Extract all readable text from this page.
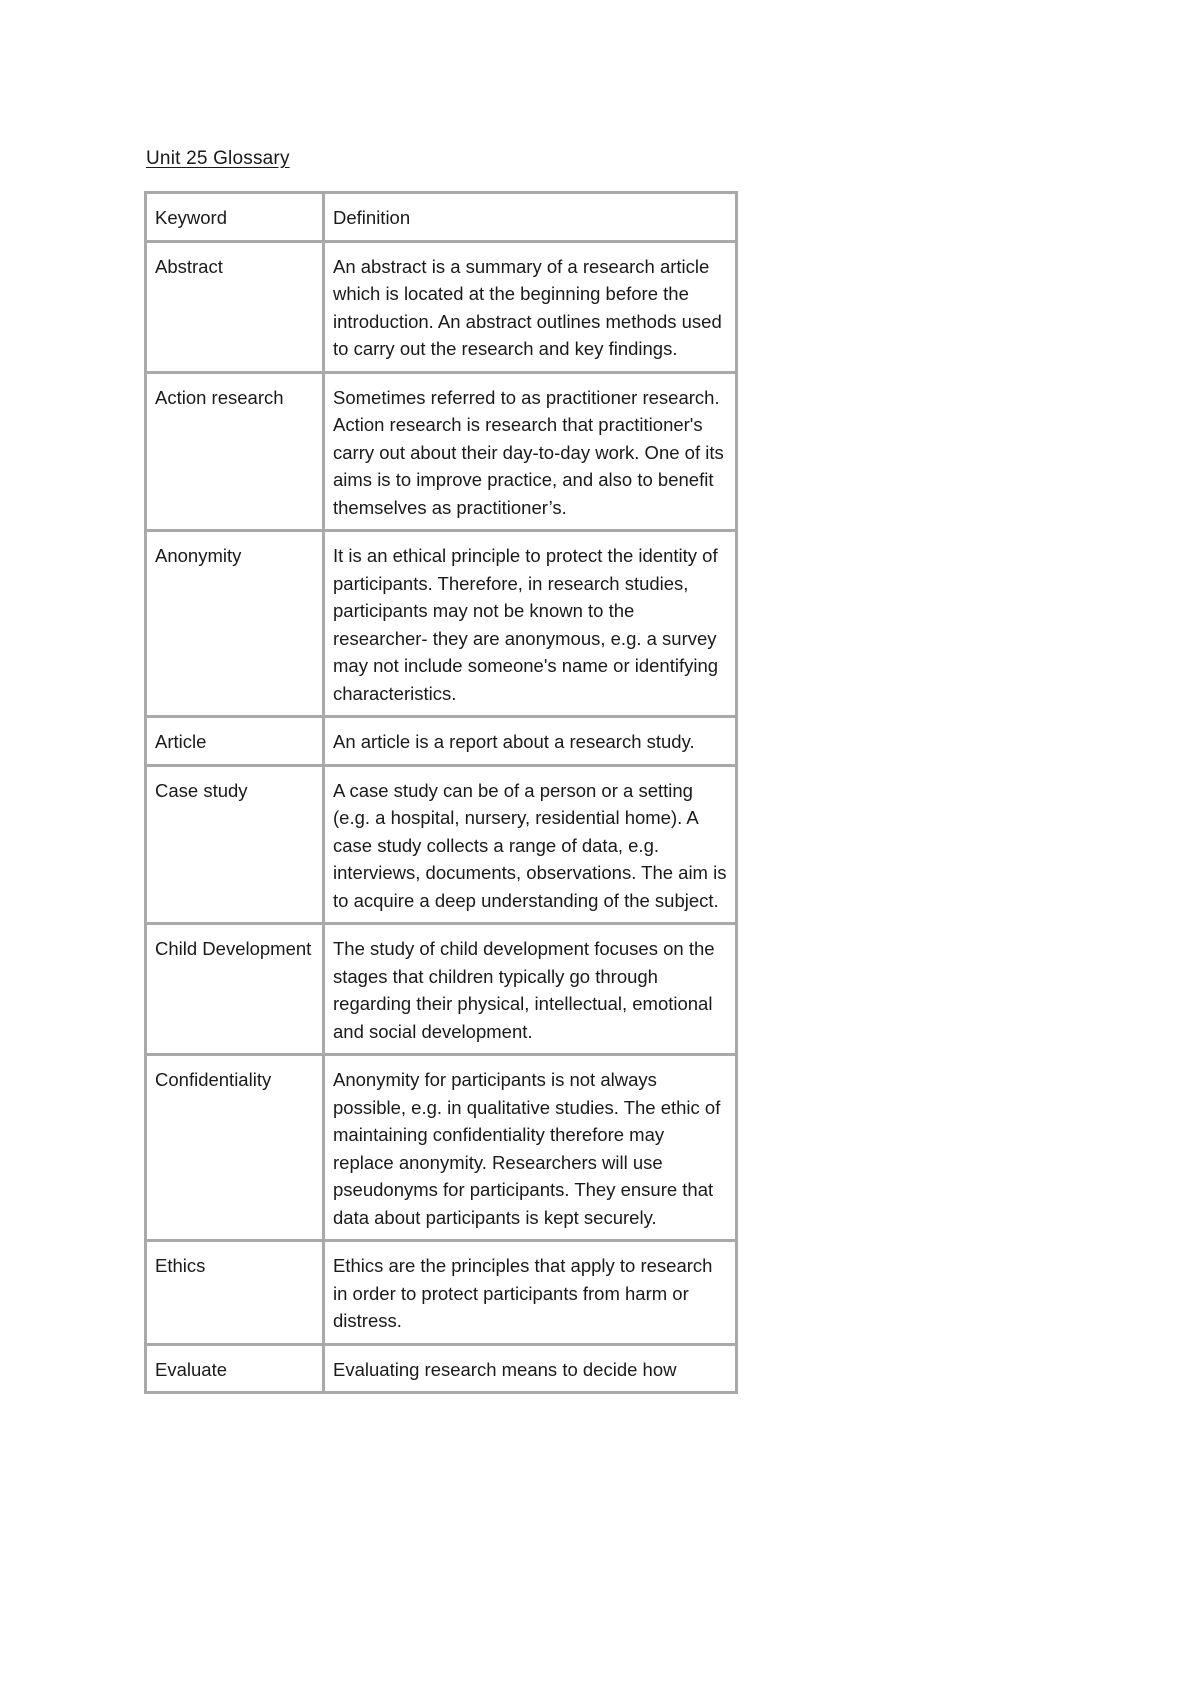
Unit 25 Glossary
Keyword	Definition
Abstract	An abstract is a summary of a research article which is located at the beginning before the introduction. An abstract outlines methods used to carry out the research and key findings.
Action research	Sometimes referred to as practitioner research. Action research is research that practitioner's carry out about their day-to-day work. One of its aims is to improve practice, and also to benefit themselves as practitioner’s.
Anonymity	It is an ethical principle to protect the identity of participants. Therefore, in research studies, participants may not be known to the researcher- they are anonymous, e.g. a survey may not include someone's name or identifying characteristics.
Article	An article is a report about a research study.
Case study	A case study can be of a person or a setting (e.g. a hospital, nursery, residential home). A case study collects a range of data, e.g. interviews, documents, observations. The aim is to acquire a deep understanding of the subject.
Child Development	The study of child development focuses on the stages that children typically go through regarding their physical, intellectual, emotional and social development.
Confidentiality	Anonymity for participants is not always possible, e.g. in qualitative studies. The ethic of maintaining confidentiality therefore may replace anonymity. Researchers will use pseudonyms for participants. They ensure that data about participants is kept securely.
Ethics	Ethics are the principles that apply to research in order to protect participants from harm or distress.
Evaluate	Evaluating research means to decide how
